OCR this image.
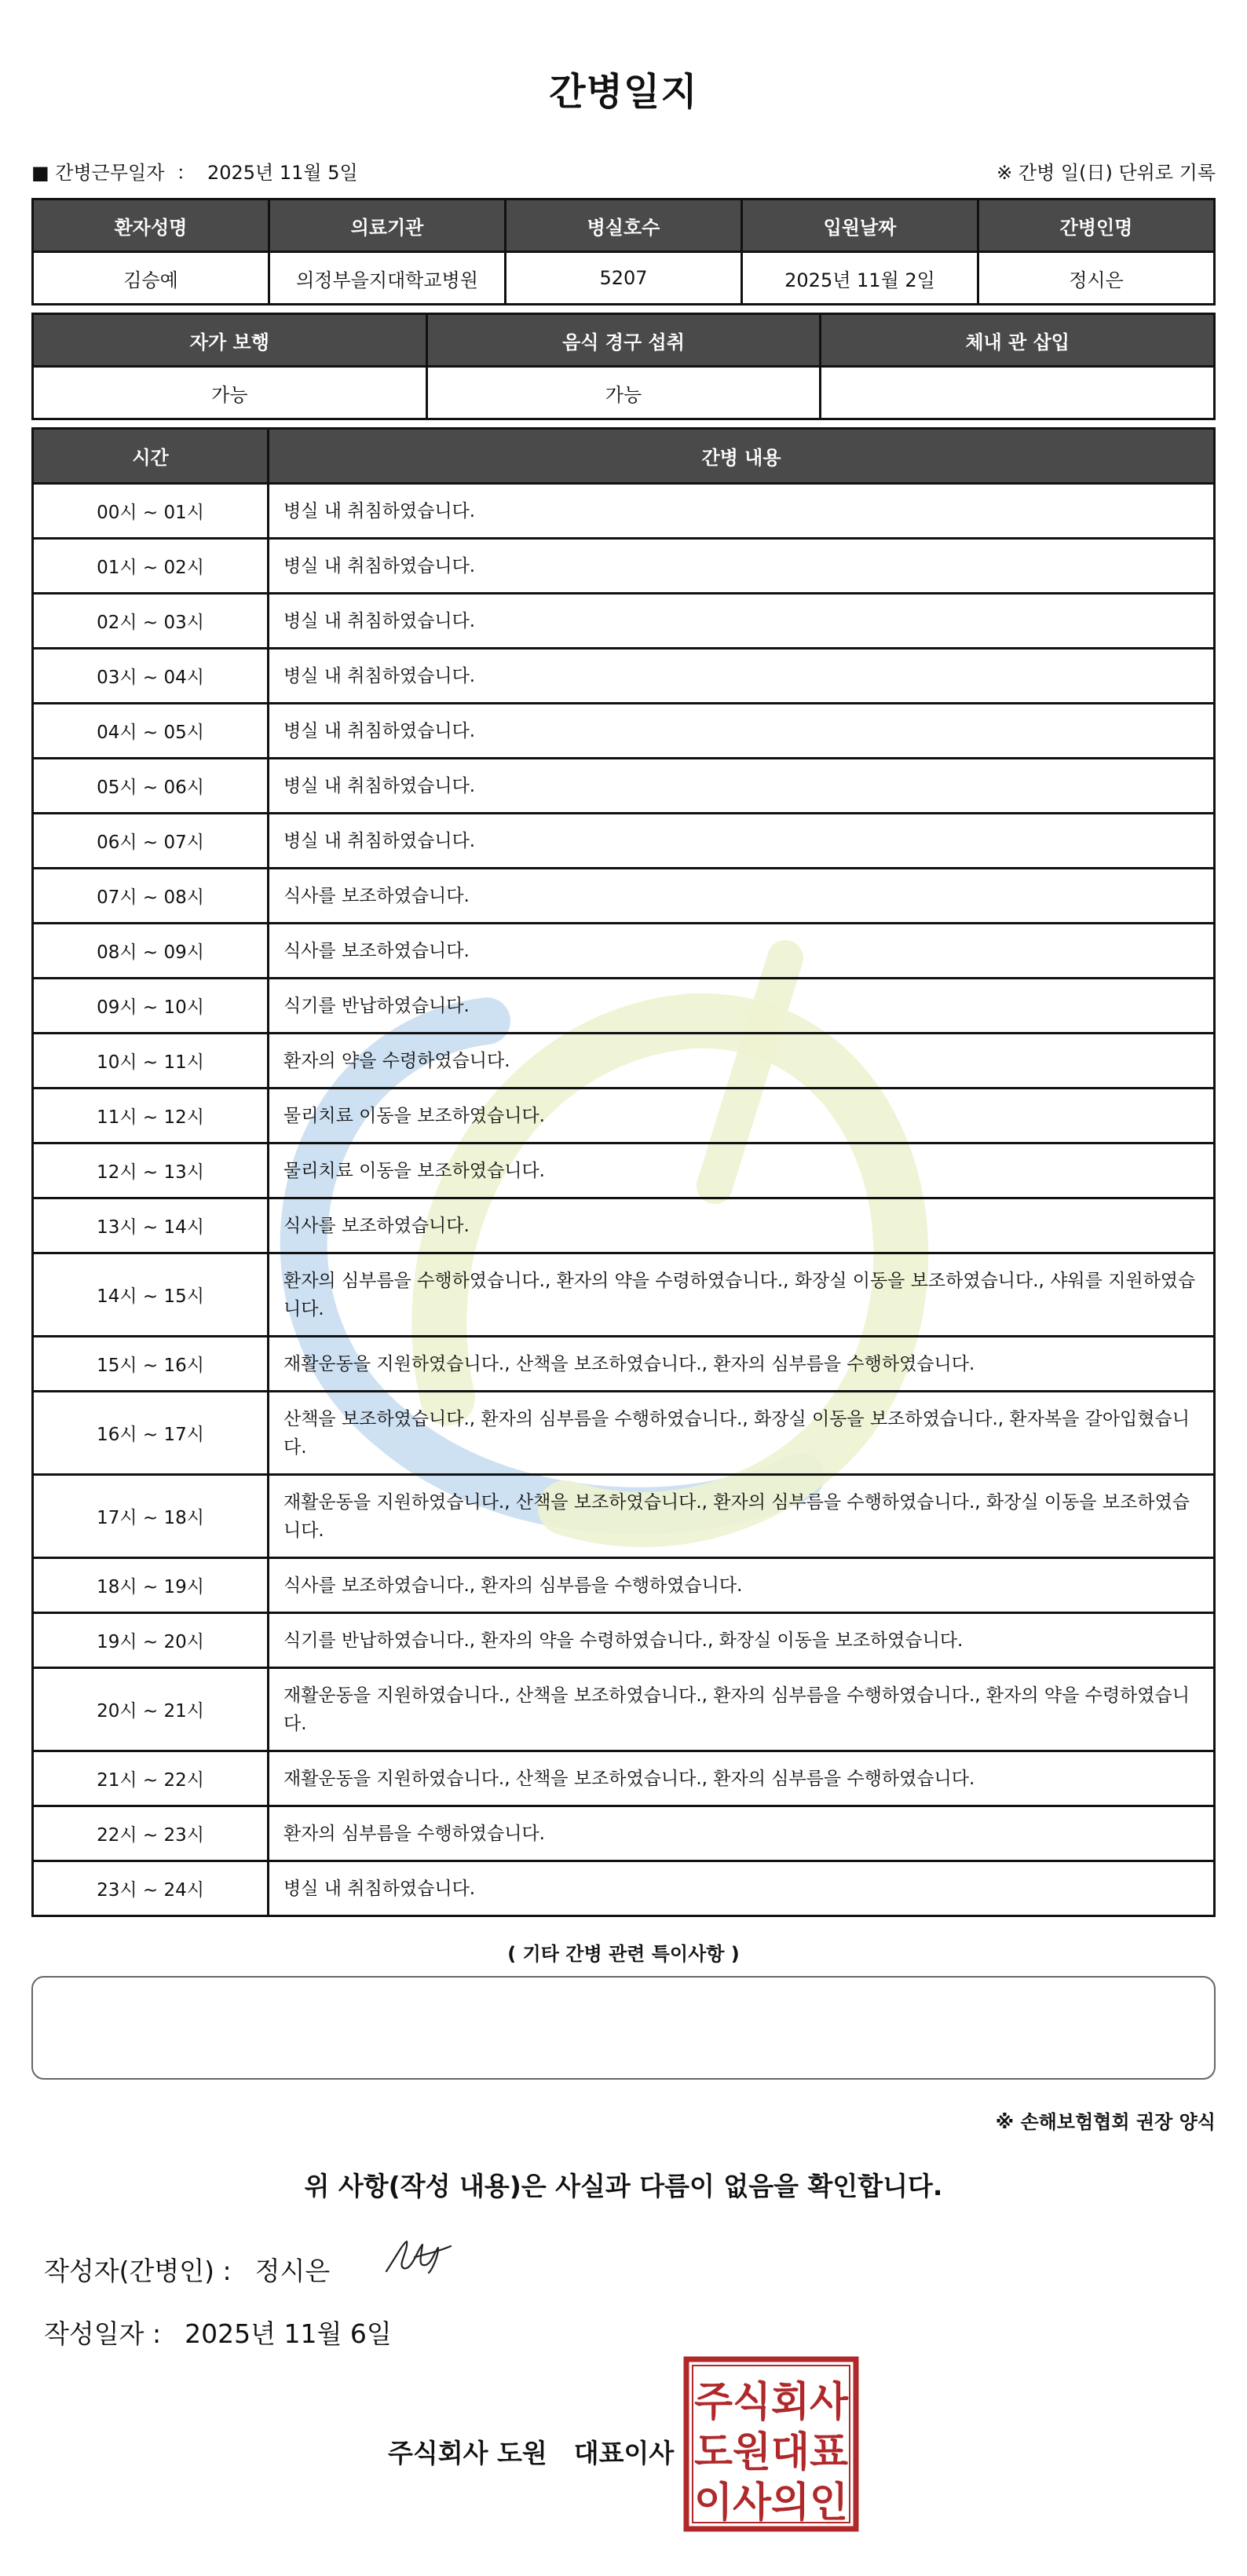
간병일지
■ 간병근무일자 ： 2025년 11월 5일	※ 간병 일(日) 단위로 기록
환자성명	의료기관	병실호수	입원날짜	간병인명
김승예	의정부을지대학교병원	5207	2025년 11월 2일	정시은
자가 보행	음식 경구 섭취	체내 관 삽입
가능	가능	
시간	간병 내용
00시 ~ 01시	병실 내 취침하였습니다.
01시 ~ 02시	병실 내 취침하였습니다.
02시 ~ 03시	병실 내 취침하였습니다.
03시 ~ 04시	병실 내 취침하였습니다.
04시 ~ 05시	병실 내 취침하였습니다.
05시 ~ 06시	병실 내 취침하였습니다.
06시 ~ 07시	병실 내 취침하였습니다.
07시 ~ 08시	식사를 보조하였습니다.
08시 ~ 09시	식사를 보조하였습니다.
09시 ~ 10시	식기를 반납하였습니다.
10시 ~ 11시	환자의 약을 수령하였습니다.
11시 ~ 12시	물리치료 이동을 보조하였습니다.
12시 ~ 13시	물리치료 이동을 보조하였습니다.
13시 ~ 14시	식사를 보조하였습니다.
14시 ~ 15시	환자의 심부름을 수행하였습니다., 환자의 약을 수령하였습니다., 화장실 이동을 보조하였습니다., 샤워를 지원하였습니다.
15시 ~ 16시	재활운동을 지원하였습니다., 산책을 보조하였습니다., 환자의 심부름을 수행하였습니다.
16시 ~ 17시	산책을 보조하였습니다., 환자의 심부름을 수행하였습니다., 화장실 이동을 보조하였습니다., 환자복을 갈아입혔습니다.
17시 ~ 18시	재활운동을 지원하였습니다., 산책을 보조하였습니다., 환자의 심부름을 수행하였습니다., 화장실 이동을 보조하였습니다.
18시 ~ 19시	식사를 보조하였습니다., 환자의 심부름을 수행하였습니다.
19시 ~ 20시	식기를 반납하였습니다., 환자의 약을 수령하였습니다., 화장실 이동을 보조하였습니다.
20시 ~ 21시	재활운동을 지원하였습니다., 산책을 보조하였습니다., 환자의 심부름을 수행하였습니다., 환자의 약을 수령하였습니다.
21시 ~ 22시	재활운동을 지원하였습니다., 산책을 보조하였습니다., 환자의 심부름을 수행하였습니다.
22시 ~ 23시	환자의 심부름을 수행하였습니다.
23시 ~ 24시	병실 내 취침하였습니다.
( 기타 간병 관련 특이사항 )
※ 손해보험협회 권장 양식
위 사항(작성 내용)은 사실과 다름이 없음을 확인합니다.
작성자(간병인) : 정시은
작성일자 : 2025년 11월 6일
주식회사 도원 대표이사
주식회사
도원대표
이사의인
